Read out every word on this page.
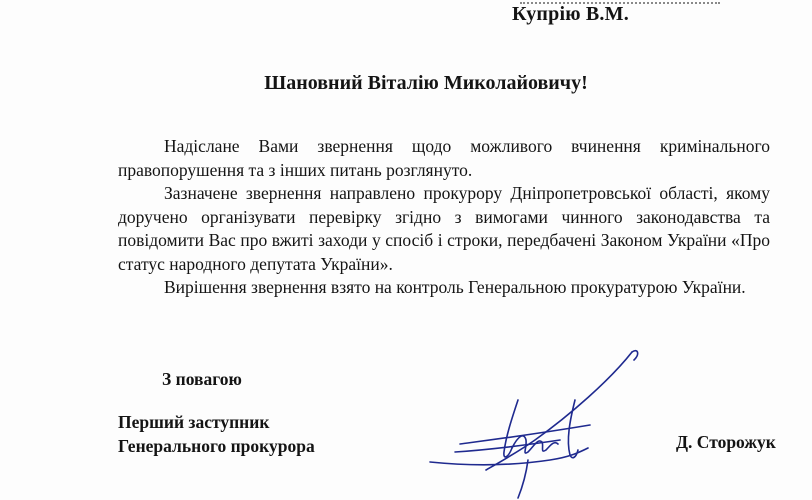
Купрію В.М.
Шановний Віталію Миколайовичу!

Надіслане Вами звернення щодо можливого вчинення кримінального правопорушення та з інших питань розглянуто.

Зазначене звернення направлено прокурору Дніпропетровської області, якому доручено організувати перевірку згідно з вимогами чинного законодавства та повідомити Вас про вжиті заходи у спосіб і строки, передбачені Законом України «Про статус народного депутата України».

Вирішення звернення взято на контроль Генеральною прокуратурою України.

З повагою
Перший заступник
Генерального прокурора	Д. Сторожук
